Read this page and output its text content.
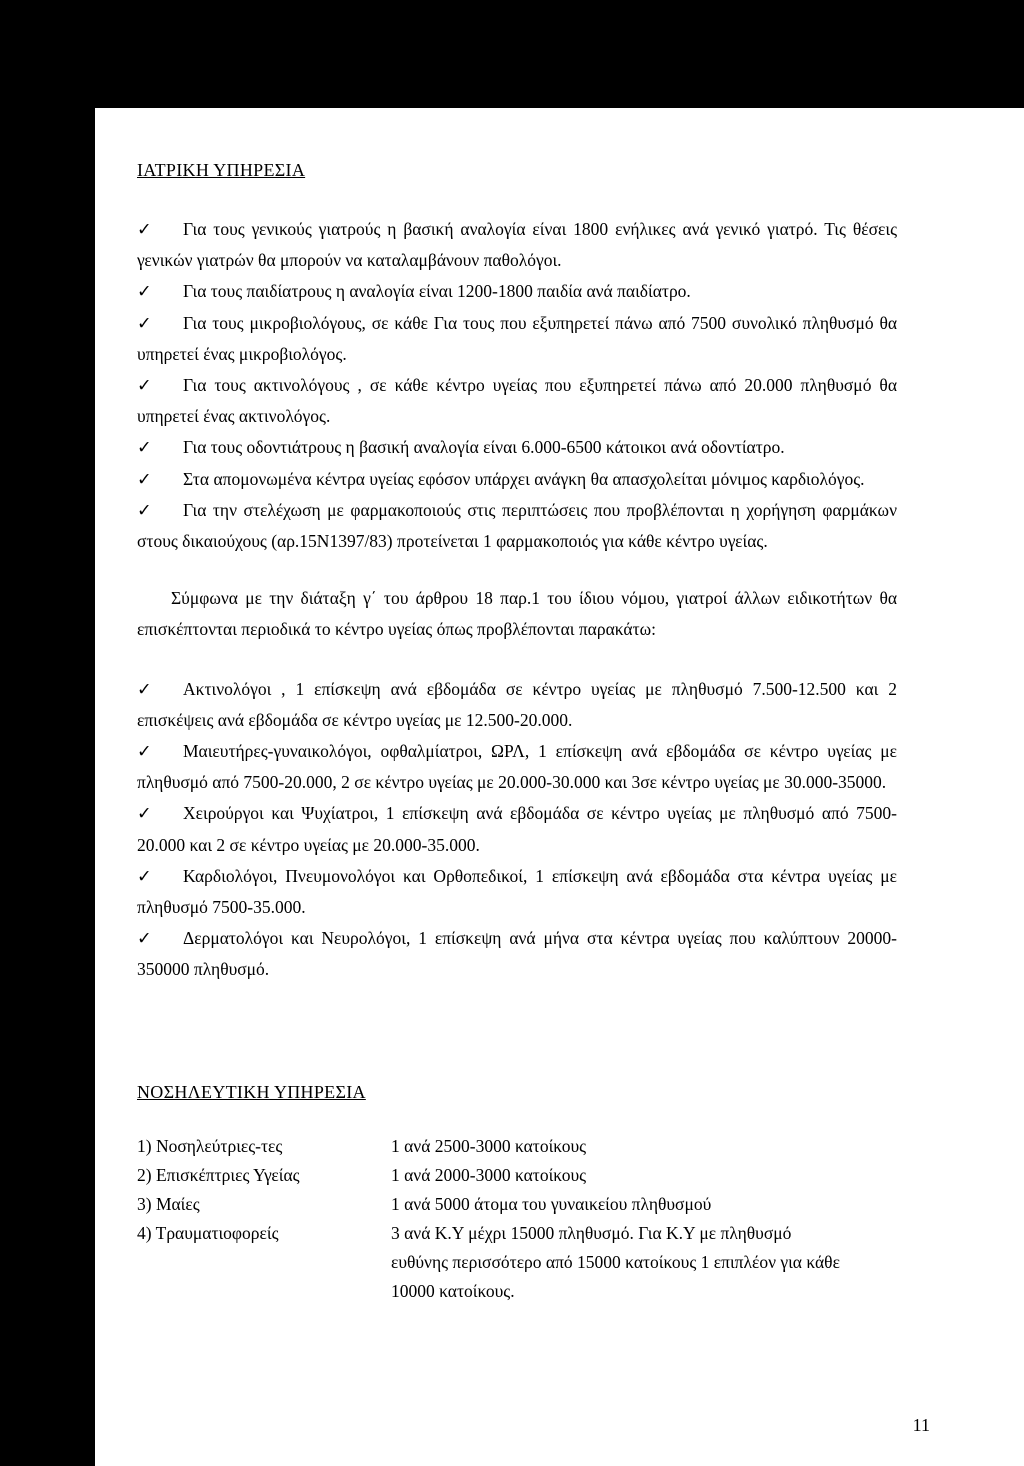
ΙΑΤΡΙΚΗ ΥΠΗΡΕΣΙΑ

✓ Για τους γενικούς γιατρούς η βασική αναλογία είναι 1800 ενήλικες ανά γενικό γιατρό. Τις θέσεις γενικών γιατρών θα μπορούν να καταλαμβάνουν παθολόγοι.

✓ Για τους παιδίατρους η αναλογία είναι 1200-1800 παιδία ανά παιδίατρο.

✓ Για τους μικροβιολόγους, σε κάθε Για τους που εξυπηρετεί πάνω από 7500 συνολικό πληθυσμό θα υπηρετεί ένας μικροβιολόγος.

✓ Για τους ακτινολόγους , σε κάθε κέντρο υγείας που εξυπηρετεί πάνω από 20.000 πληθυσμό θα υπηρετεί ένας ακτινολόγος.

✓ Για τους οδοντιάτρους η βασική αναλογία είναι 6.000-6500 κάτοικοι ανά οδοντίατρο.

✓ Στα απομονωμένα κέντρα υγείας εφόσον υπάρχει ανάγκη θα απασχολείται μόνιμος καρδιολόγος.

✓ Για την στελέχωση με φαρμακοποιούς στις περιπτώσεις που προβλέπονται η χορήγηση φαρμάκων στους δικαιούχους (αρ.15Ν1397/83) προτείνεται 1 φαρμακοποιός για κάθε κέντρο υγείας.

Σύμφωνα με την διάταξη γ΄ του άρθρου 18 παρ.1 του ίδιου νόμου, γιατροί άλλων ειδικοτήτων θα επισκέπτονται περιοδικά το κέντρο υγείας όπως προβλέπονται παρακάτω:

✓ Ακτινολόγοι , 1 επίσκεψη ανά εβδομάδα σε κέντρο υγείας με πληθυσμό 7.500-12.500 και 2 επισκέψεις ανά εβδομάδα σε κέντρο υγείας με 12.500-20.000.

✓ Μαιευτήρες-γυναικολόγοι, οφθαλμίατροι, ΩΡΛ, 1 επίσκεψη ανά εβδομάδα σε κέντρο υγείας με πληθυσμό από 7500-20.000, 2 σε κέντρο υγείας με 20.000-30.000 και 3σε κέντρο υγείας με 30.000-35000.

✓ Χειρούργοι και Ψυχίατροι, 1 επίσκεψη ανά εβδομάδα σε κέντρο υγείας με πληθυσμό από 7500-20.000 και 2 σε κέντρο υγείας με 20.000-35.000.

✓ Καρδιολόγοι, Πνευμονολόγοι και Ορθοπεδικοί, 1 επίσκεψη ανά εβδομάδα στα κέντρα υγείας με πληθυσμό 7500-35.000.

✓ Δερματολόγοι και Νευρολόγοι, 1 επίσκεψη ανά μήνα στα κέντρα υγείας που καλύπτουν 20000-350000 πληθυσμό.

ΝΟΣΗΛΕΥΤΙΚΗ ΥΠΗΡΕΣΙΑ
1) Νοσηλεύτριες-τες	1 ανά 2500-3000 κατοίκους
2) Επισκέπτριες Υγείας	1 ανά 2000-3000 κατοίκους
3) Μαίες	1 ανά 5000 άτομα του γυναικείου πληθυσμού
4) Τραυματιοφορείς	3 ανά Κ.Υ μέχρι 15000 πληθυσμό. Για Κ.Υ με πληθυσμό ευθύνης περισσότερο από 15000 κατοίκους 1 επιπλέον για κάθε 10000 κατοίκους.
11
